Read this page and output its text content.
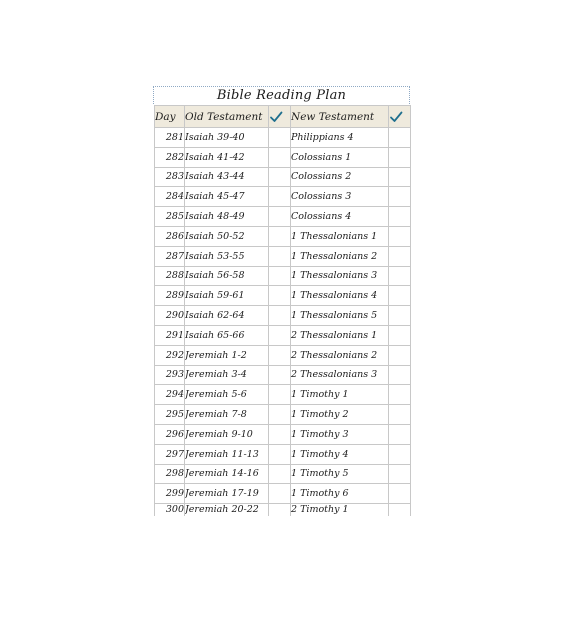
Bible Reading Plan
Day	Old Testament		New Testament	
281	Isaiah 39-40		Philippians 4	
282	Isaiah 41-42		Colossians 1	
283	Isaiah 43-44		Colossians 2	
284	Isaiah 45-47		Colossians 3	
285	Isaiah 48-49		Colossians 4	
286	Isaiah 50-52		1 Thessalonians 1	
287	Isaiah 53-55		1 Thessalonians 2	
288	Isaiah 56-58		1 Thessalonians 3	
289	Isaiah 59-61		1 Thessalonians 4	
290	Isaiah 62-64		1 Thessalonians 5	
291	Isaiah 65-66		2 Thessalonians 1	
292	Jeremiah 1-2		2 Thessalonians 2	
293	Jeremiah 3-4		2 Thessalonians 3	
294	Jeremiah 5-6		1 Timothy 1	
295	Jeremiah 7-8		1 Timothy 2	
296	Jeremiah 9-10		1 Timothy 3	
297	Jeremiah 11-13		1 Timothy 4	
298	Jeremiah 14-16		1 Timothy 5	
299	Jeremiah 17-19		1 Timothy 6	
300	Jeremiah 20-22		2 Timothy 1	
